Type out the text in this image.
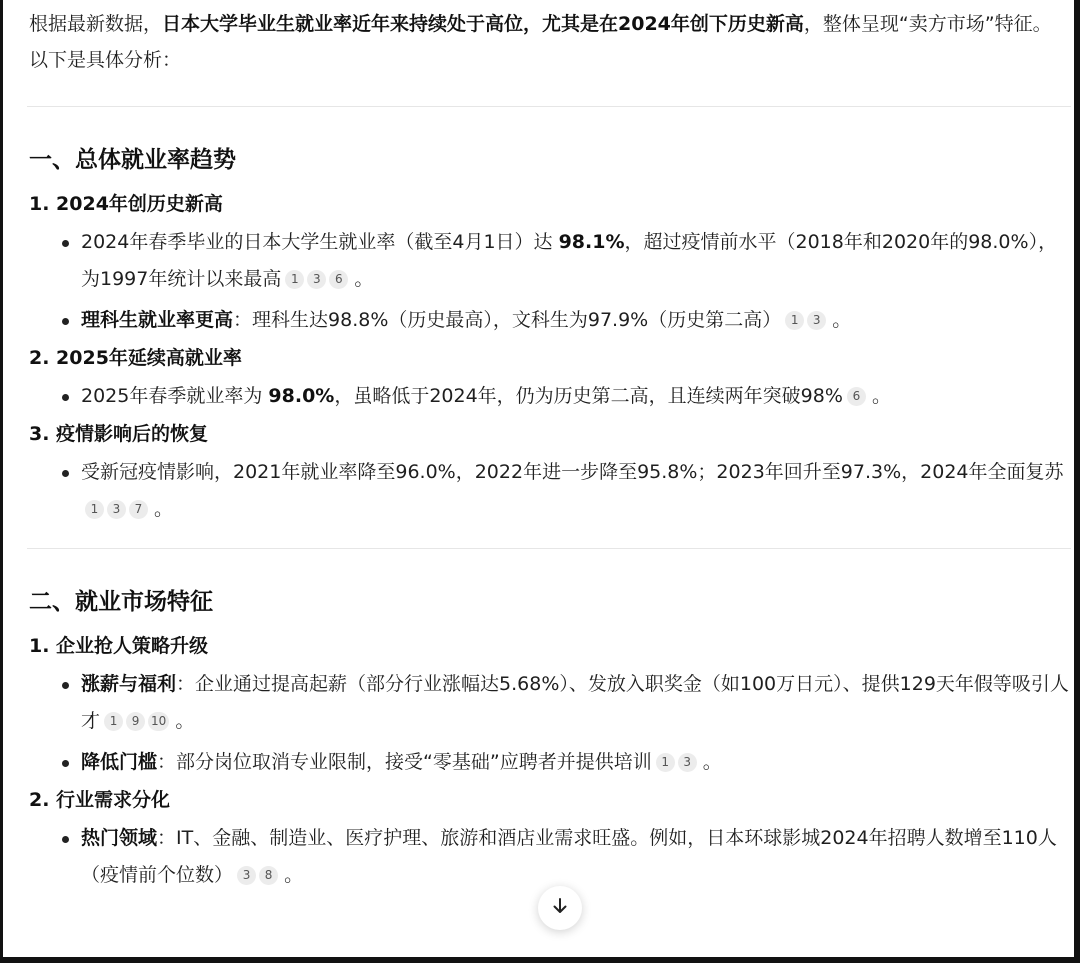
根据最新数据，日本大学毕业生就业率近年来持续处于高位，尤其是在2024年创下历史新高，整体呈现“卖方市场”特征。以下是具体分析：

一、总体就业率趋势
1. 2024年创历史新高
2024年春季毕业的日本大学生就业率（截至4月1日）达 98.1%，超过疫情前水平（2018年和2020年的98.0%），为1997年统计以来最高 1 3 6 。
理科生就业率更高：理科生达98.8%（历史最高），文科生为97.9%（历史第二高） 1 3 。
2. 2025年延续高就业率
2025年春季就业率为 98.0%，虽略低于2024年，仍为历史第二高，且连续两年突破98% 6 。
3. 疫情影响后的恢复
受新冠疫情影响，2021年就业率降至96.0%，2022年进一步降至95.8%；2023年回升至97.3%，2024年全面复苏1 3 7 。
二、就业市场特征
1. 企业抢人策略升级
涨薪与福利：企业通过提高起薪（部分行业涨幅达5.68%）、发放入职奖金（如100万日元）、提供129天年假等吸引人才 1 9 10 。
降低门槛：部分岗位取消专业限制，接受“零基础”应聘者并提供培训 1 3 。
2. 行业需求分化
热门领域：IT、金融、制造业、医疗护理、旅游和酒店业需求旺盛。例如，日本环球影城2024年招聘人数增至110人（疫情前个位数） 3 8 。
